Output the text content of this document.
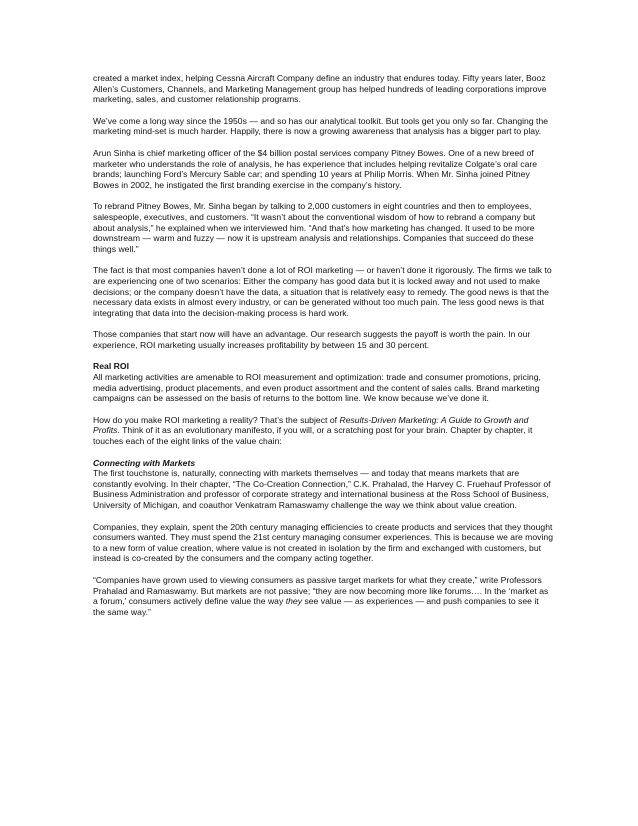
created a market index, helping Cessna Aircraft Company define an industry that endures today. Fifty years later, Booz Allen’s Customers, Channels, and Marketing Management group has helped hundreds of leading corporations improve marketing, sales, and customer relationship programs.

We’ve come a long way since the 1950s — and so has our analytical toolkit. But tools get you only so far. Changing the marketing mind-set is much harder. Happily, there is now a growing awareness that analysis has a bigger part to play.

Arun Sinha is chief marketing officer of the $4 billion postal services company Pitney Bowes. One of a new breed of marketer who understands the role of analysis, he has experience that includes helping revitalize Colgate’s oral care brands; launching Ford’s Mercury Sable car; and spending 10 years at Philip Morris. When Mr. Sinha joined Pitney Bowes in 2002, he instigated the first branding exercise in the company’s history.

To rebrand Pitney Bowes, Mr. Sinha began by talking to 2,000 customers in eight countries and then to employees, salespeople, executives, and customers. “It wasn’t about the conventional wisdom of how to rebrand a company but about analysis,” he explained when we interviewed him. “And that’s how marketing has changed. It used to be more downstream — warm and fuzzy — now it is upstream analysis and relationships. Companies that succeed do these things well.”

The fact is that most companies haven’t done a lot of ROI marketing — or haven’t done it rigorously. The firms we talk to are experiencing one of two scenarios: Either the company has good data but it is locked away and not used to make decisions; or the company doesn’t have the data, a situation that is relatively easy to remedy. The good news is that the necessary data exists in almost every industry, or can be generated without too much pain. The less good news is that integrating that data into the decision-making process is hard work.

Those companies that start now will have an advantage. Our research suggests the payoff is worth the pain. In our experience, ROI marketing usually increases profitability by between 15 and 30 percent.

Real ROI
All marketing activities are amenable to ROI measurement and optimization: trade and consumer promotions, pricing, media advertising, product placements, and even product assortment and the content of sales calls. Brand marketing campaigns can be assessed on the basis of returns to the bottom line. We know because we’ve done it.

How do you make ROI marketing a reality? That’s the subject of Results-Driven Marketing: A Guide to Growth and Profits. Think of it as an evolutionary manifesto, if you will, or a scratching post for your brain. Chapter by chapter, it touches each of the eight links of the value chain:

Connecting with Markets
The first touchstone is, naturally, connecting with markets themselves — and today that means markets that are constantly evolving. In their chapter, “The Co-Creation Connection,” C.K. Prahalad, the Harvey C. Fruehauf Professor of Business Administration and professor of corporate strategy and international business at the Ross School of Business, University of Michigan, and coauthor Venkatram Ramaswamy challenge the way we think about value creation.

Companies, they explain, spent the 20th century managing efficiencies to create products and services that they thought consumers wanted. They must spend the 21st century managing consumer experiences. This is because we are moving to a new form of value creation, where value is not created in isolation by the firm and exchanged with customers, but instead is co-created by the consumers and the company acting together.

“Companies have grown used to viewing consumers as passive target markets for what they create,” write Professors Prahalad and Ramaswamy. But markets are not passive; “they are now becoming more like forums…. In the ‘market as a forum,’ consumers actively define value the way they see value — as experiences — and push companies to see it the same way.”
